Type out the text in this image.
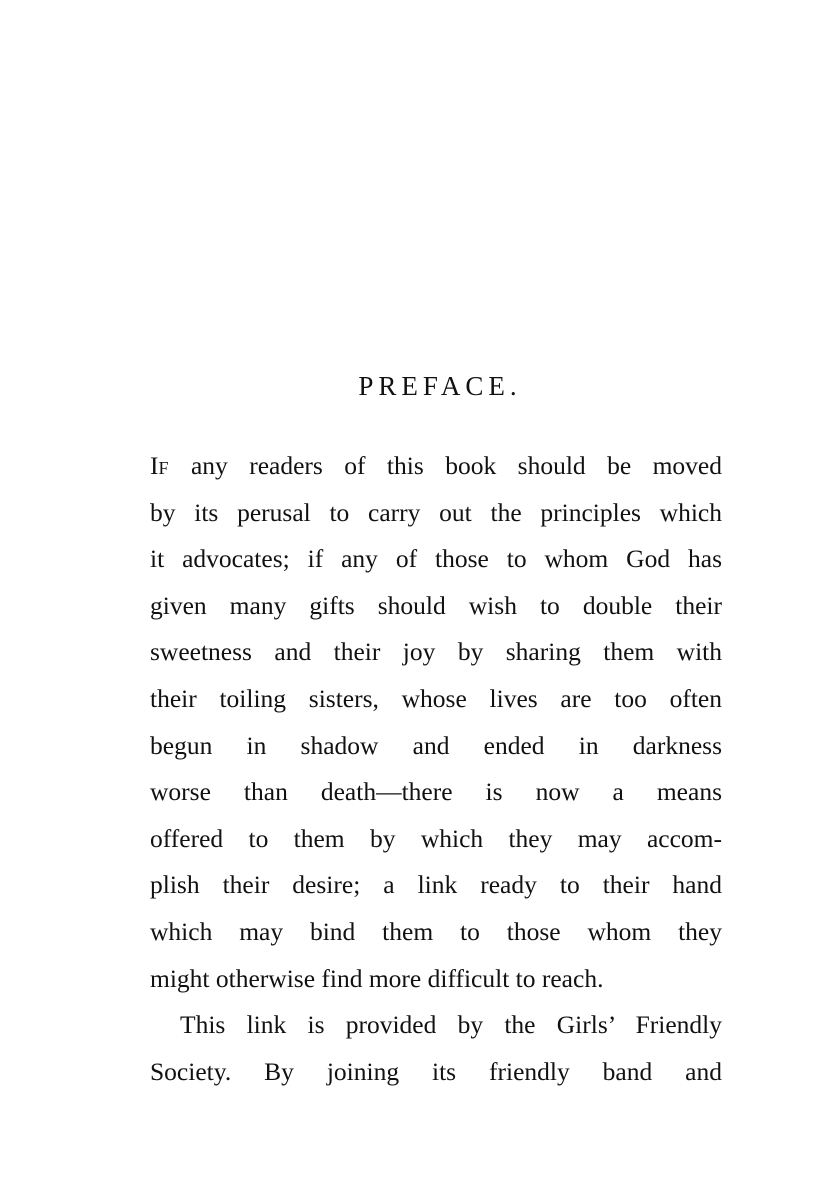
PREFACE.
IF any readers of this book should be moved
by its perusal to carry out the principles which
it advocates; if any of those to whom God has
given many gifts should wish to double their
sweetness and their joy by sharing them with
their toiling sisters, whose lives are too often
begun in shadow and ended in darkness
worse than death—there is now a means
offered to them by which they may accom-
plish their desire; a link ready to their hand
which may bind them to those whom they
might otherwise find more difficult to reach.
This link is provided by the Girls’ Friendly
Society. By joining its friendly band and
